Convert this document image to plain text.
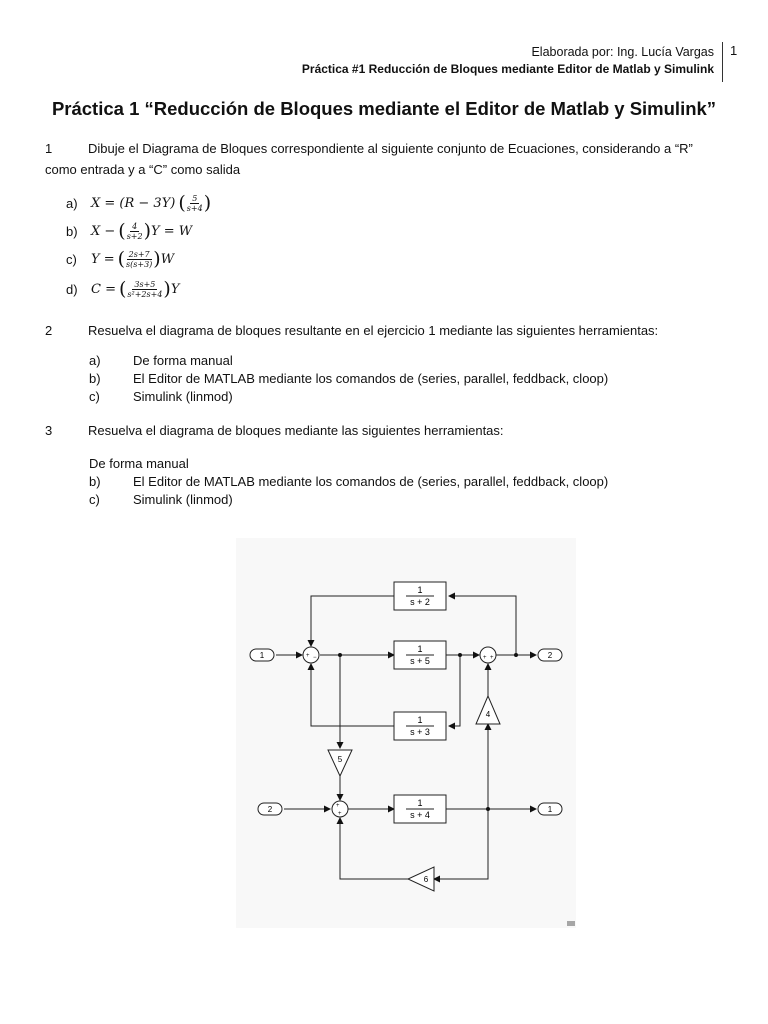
Elaborada por: Ing. Lucía Vargas
Práctica #1 Reducción de Bloques mediante Editor de Matlab y Simulink
1
Práctica 1 “Reducción de Bloques mediante el Editor de Matlab y Simulink”
1	Dibuje el Diagrama de Bloques correspondiente al siguiente conjunto de Ecuaciones, considerando a “R” como entrada y a “C” como salida
a)	X = (R − 3Y) ( $\frac{5}{s+4}$ )
b)	X − ( $\frac{4}{s+2}$ ) Y = W
c)	Y = ( $\frac{2s+7}{s(s+3)}$ ) W
d)	C = ( $\frac{3s+5}{\text{s²+2s+4}}$ ) Y
2	Resuelva el diagrama de bloques resultante en el ejercicio 1 mediante las siguientes herramientas:
a) De forma manual
b) El Editor de MATLAB mediante los comandos de (series, parallel, feddback, cloop)
c)	Simulink (linmod)
3	Resuelva el diagrama de bloques mediante las siguientes herramientas:
De forma manual
b) El Editor de MATLAB mediante los comandos de (series, parallel, feddback, cloop)
c)	Simulink (linmod)
+ −	+ +
+
+
1
s + 2
1
s + 5
1
s + 3
1
s + 4
4
5
6
1
2
2
1
